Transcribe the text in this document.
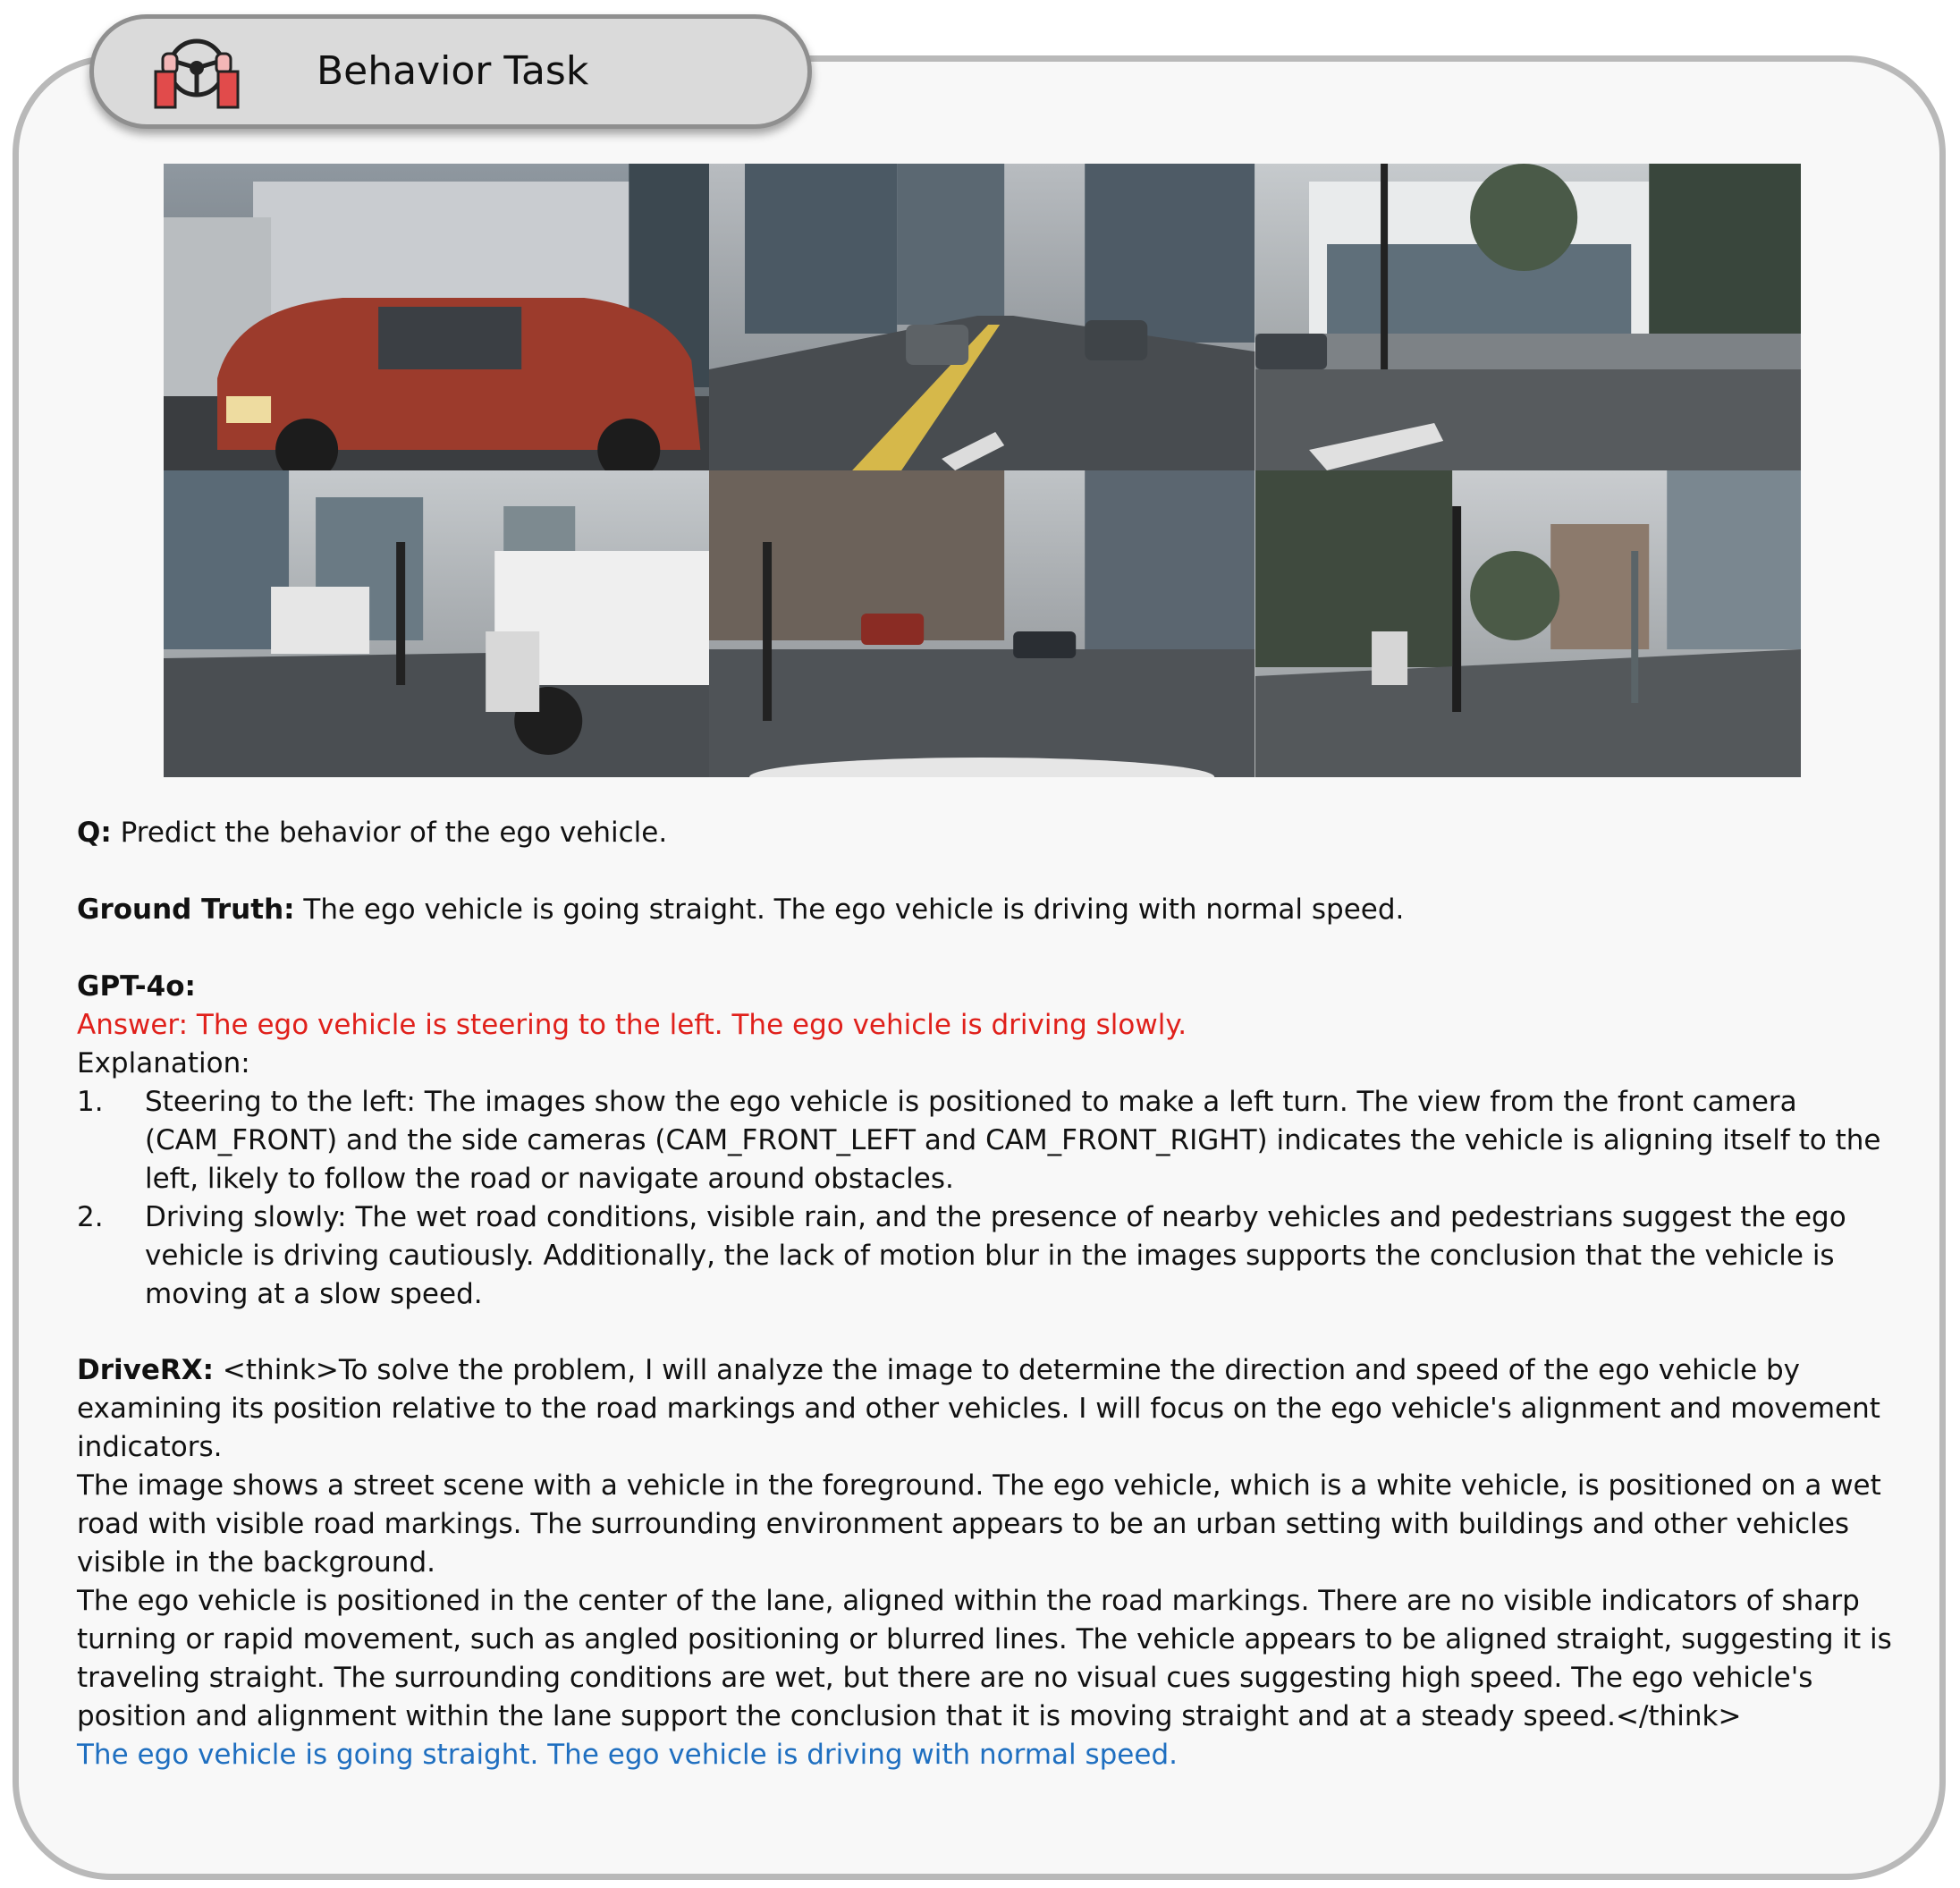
Behavior Task
Q: Predict the behavior of the ego vehicle.
Ground Truth: The ego vehicle is going straight. The ego vehicle is driving with normal speed.
GPT-4o:
Answer: The ego vehicle is steering to the left. The ego vehicle is driving slowly.
Explanation:
1. Steering to the left: The images show the ego vehicle is positioned to make a left turn. The view from the front camera (CAM_FRONT) and the side cameras (CAM_FRONT_LEFT and CAM_FRONT_RIGHT) indicates the vehicle is aligning itself to the left, likely to follow the road or navigate around obstacles.
2. Driving slowly: The wet road conditions, visible rain, and the presence of nearby vehicles and pedestrians suggest the ego vehicle is driving cautiously. Additionally, the lack of motion blur in the images supports the conclusion that the vehicle is moving at a slow speed.
DriveRX: <think>To solve the problem, I will analyze the image to determine the direction and speed of the ego vehicle by examining its position relative to the road markings and other vehicles. I will focus on the ego vehicle's alignment and movement indicators.
The image shows a street scene with a vehicle in the foreground. The ego vehicle, which is a white vehicle, is positioned on a wet road with visible road markings. The surrounding environment appears to be an urban setting with buildings and other vehicles visible in the background.
The ego vehicle is positioned in the center of the lane, aligned within the road markings. There are no visible indicators of sharp turning or rapid movement, such as angled positioning or blurred lines. The vehicle appears to be aligned straight, suggesting it is traveling straight. The surrounding conditions are wet, but there are no visual cues suggesting high speed. The ego vehicle's position and alignment within the lane support the conclusion that it is moving straight and at a steady speed.</think>
The ego vehicle is going straight. The ego vehicle is driving with normal speed.
